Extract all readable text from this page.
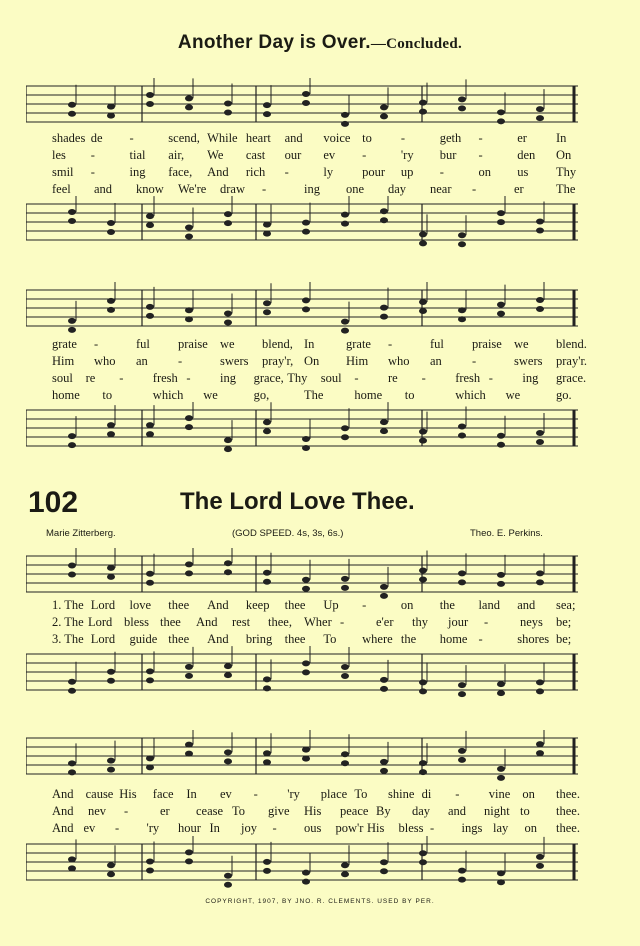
Another Day is Over.—Concluded.
shades de -	scend, While heart and voice to -	geth -	er In
les -	tial air, We cast our ev -	'ry bur -	den On
smil -	ing face, And rich -	ly pour up -	on us Thy
feel and know We're draw -	ing one day near -	er	The
grate -	ful praise we blend, In	grate -	ful praise we blend.
Him who an -	swers pray'r, On Him who an -	swers pray'r.
soul re - fresh - ing grace, Thy soul - re - fresh - ing grace.
home to	which we	go,	The home to	which we	go.
102	The Lord Love Thee.
Marie Zitterberg.	(GOD SPEED. 4s, 3s, 6s.)	Theo. E. Perkins.
1. The Lord love thee And keep thee Up -	on the land and sea;
2. The Lord bless thee And rest thee, Wher -	e'er thy jour -	neys be;
3. The Lord guide thee And bring thee To where the home -	shores be;
And cause His face In ev - 'ry place To shine di - vine on thee.
And nev -	er cease To give His peace By day and night to thee.
And ev - 'ry hour In joy - ous pow'r His bless - ings lay on thee.
COPYRIGHT, 1907, BY JNO. R. CLEMENTS. USED BY PER.
